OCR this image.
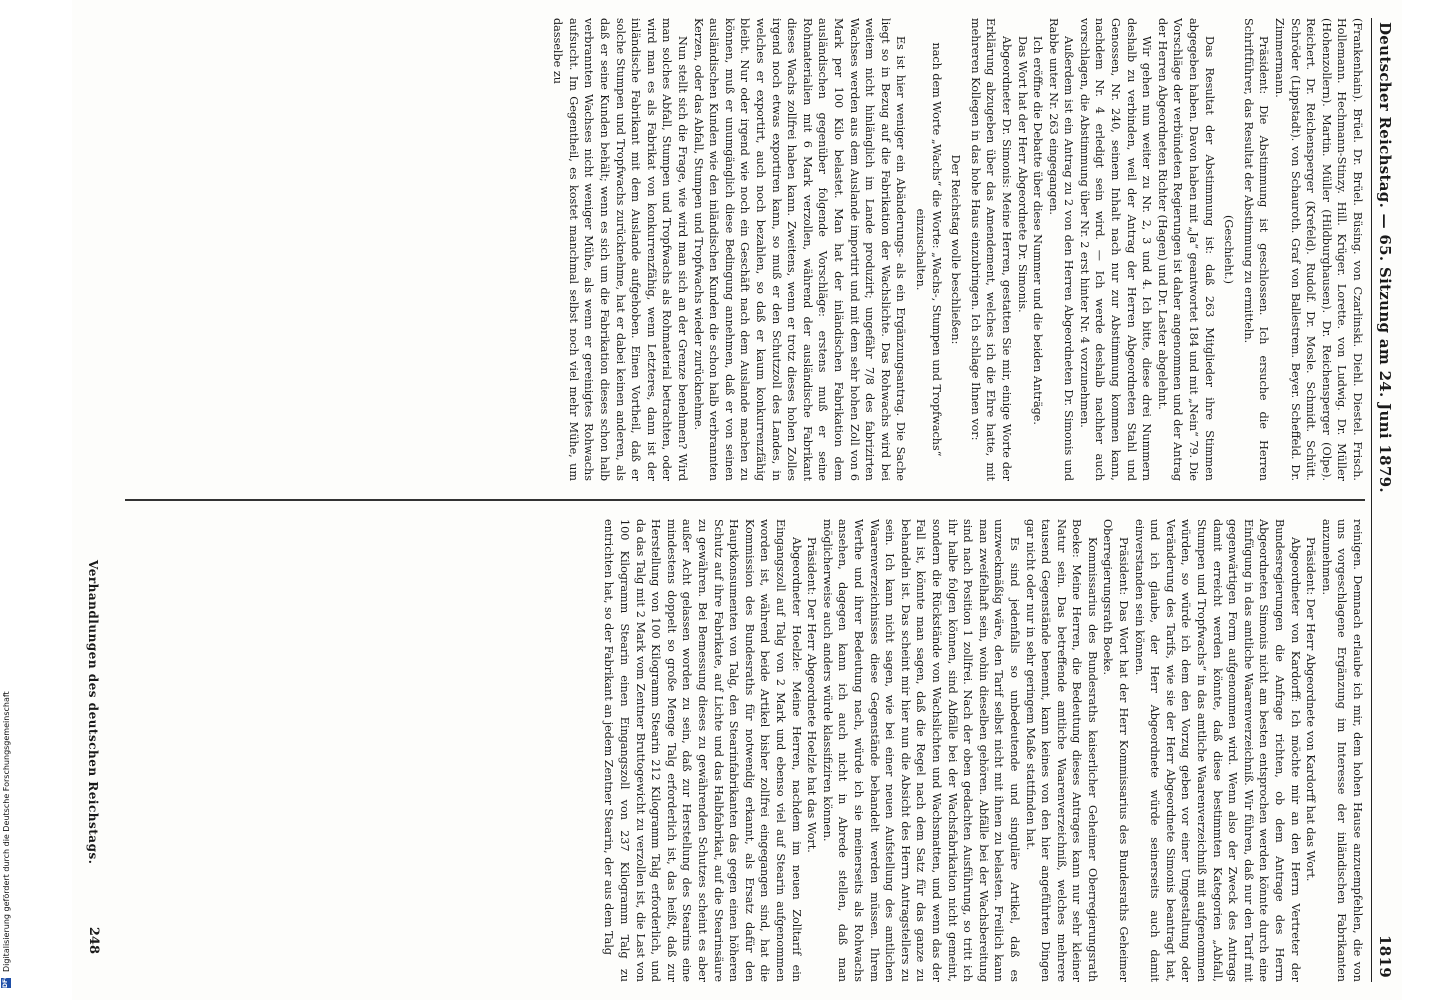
Deutscher Reichstag. — 65. Sitzung am 24. Juni 1879.
1819

(Frankenhain). Brüel. Dr. Brüel. Büsing. von Czarlinski. Diehl. Diestel. Frisch. Hollemann. Hechmann-Stinzy. Hill. Krüger. Lorette. von Ludwig. Dr. Müller (Hohenzollern). Martin. Müller (Hildburghausen). Dr. Reichensperger (Olpe). Reichert. Dr. Reichensperger (Krefeld). Rudolf. Dr. Mosle. Schmidt. Schütt. Schröder (Lippstadt). von Schauroth. Graf von Ballestrem. Beyer. Scheffeld. Dr. Zimmermann.

Präsident: Die Abstimmung ist geschlossen. Ich ersuche die Herren Schriftführer, das Resultat der Abstimmung zu ermitteln.

(Geschieht.)

Das Resultat der Abstimmung ist: daß 263 Mitglieder ihre Stimmen abgegeben haben. Davon haben mit „Ja“ geantwortet 184 und mit „Nein“ 79. Die Vorschläge der verbündeten Regierungen ist daher angenommen und der Antrag der Herren Abgeordneten Richter (Hagen) und Dr. Laster abgelehnt.

Wir gehen nun weiter zu Nr. 2, 3 und 4. Ich bitte, diese drei Nummern deshalb zu verbinden, weil der Antrag der Herren Abgeordneten Stahl und Genossen, Nr. 240, seinem Inhalt nach nur zur Abstimmung kommen kann, nachdem Nr. 4 erledigt sein wird. — Ich werde deshalb nachher auch vorschlagen, die Abstimmung über Nr. 2 erst hinter Nr. 4 vorzunehmen.

Außerdem ist ein Antrag zu 2 von den Herren Abgeordneten Dr. Simonis und Rabbe unter Nr. 263 eingegangen.

Ich eröffne die Debatte über diese Nummer und die beiden Anträge.

Das Wort hat der Herr Abgeordnete Dr. Simonis.

Abgeordneter Dr. Simonis: Meine Herren, gestatten Sie mir, einige Worte der Erklärung abzugeben über das Amendement, welches ich die Ehre hatte, mit mehreren Kollegen in das hohe Haus einzubringen. Ich schlage Ihnen vor:

Der Reichstag wolle beschließen:

nach dem Worte „Wachs“ die Worte: „Wachs-, Stumpen und Tropfwachs“ einzuschalten.

Es ist hier weniger ein Abänderungs- als ein Ergänzungsantrag. Die Sache liegt so in Bezug auf die Fabrikation der Wachslichte. Das Rohwachs wird bei weitem nicht hinlänglich im Lande produzirt; ungefähr 7/8 des fabrizirten Wachses werden aus dem Auslande importirt und mit dem sehr hohen Zoll von 6 Mark per 100 Kilo belastet. Man hat der inländischen Fabrikation dem ausländischen gegenüber folgende Vorschläge: erstens muß er seine Rohmaterialien mit 6 Mark verzollen, während der ausländische Fabrikant dieses Wachs zollfrei haben kann. Zweitens, wenn er trotz dieses hohen Zolles irgend noch etwas exportiren kann, so muß er den Schutzzoll des Landes, in welches er exportirt, auch noch bezahlen, so daß er kaum konkurrenzfähig bleibt. Nur oder irgend wie noch ein Geschäft nach dem Auslande machen zu können, muß er unumgänglich diese Bedingung annehmen, daß er von seinen ausländischen Kunden wie den inländischen Kunden die schon halb verbrannten Kerzen, oder das Abfall, Stumpen und Tropfwachs wieder zurücknehme.

Nun stellt sich die Frage, wie wird man sich an der Grenze benehmen? Wird man solches Abfall, Stumpen und Tropfwachs als Rohmaterial betrachten, oder wird man es als Fabrikat von konkurrenzfähig, wenn Letzteres, dann ist der inländische Fabrikant mit dem Auslande aufgehoben. Einen Vortheil, daß er solche Stumpen und Tropfwachs zurücknehme, hat er dabei keinen anderen, als daß er seine Kunden behält; wenn es sich um die Fabrikation dieses schon halb verbrannten Wachses nicht weniger Mühe, als wenn er gereinigtes Rohwachs aufsucht. Im Gegentheil, es kostet manchmal selbst noch viel mehr Mühe, um dasselbe zu

reinigen. Demnach erlaube ich mir, dem hohen Hause anzuempfehlen, die von uns vorgeschlagene Ergänzung im Interesse der inländischen Fabrikanten anzunehmen.

Präsident: Der Herr Abgeordnete von Kardorff hat das Wort.

Abgeordneter von Kardorff: Ich möchte mir an den Herrn Vertreter der Bundesregierungen die Anfrage richten, ob dem Antrage des Herrn Abgeordneten Simonis nicht am besten entsprochen werden könnte durch eine Einfügung in das amtliche Waarenverzeichniß. Wir führen, daß nur den Tarif mit gegenwärtigen Form aufgenommen wird. Wenn also der Zweck des Antrags damit erreicht werden könnte, daß diese bestimmten Kategorien „Abfall, Stumpen und Tropfwachs“ in das amtliche Waarenverzeichniß mit aufgenommen würden, so würde ich dem den Vorzug geben vor einer Umgestaltung oder Veränderung des Tarifs, wie sie der Herr Abgeordnete Simonis beantragt hat, und ich glaube, der Herr Abgeordnete würde seinerseits auch damit einverstanden sein können.

Präsident: Das Wort hat der Herr Kommissarius des Bundesraths Geheimer Oberregierungsrath Boeke.

Kommissarius des Bundesraths kaiserlicher Geheimer Oberregierungsrath Boeke: Meine Herren, die Bedeutung dieses Antrages kann nur sehr kleiner Natur sein. Das betreffende amtliche Waarenverzeichniß, welches mehrere tausend Gegenstände benennt, kann keines von den hier angeführten Dingen gar nicht oder nur in sehr geringem Maße stattfinden hat.

Es sind jedenfalls so unbedeutende und singuläre Artikel, daß es unzweckmäßig wäre, den Tarif selbst nicht mit ihnen zu belasten. Freilich kann man zweifelhaft sein, wohin dieselben gehören. Abfälle bei der Wachsbereitung sind nach Position 1 zollfrei. Nach der oben gedachten Ausführung, so tritt ich ihr halbe folgen können, sind Abfälle bei der Wachsfabrikation nicht gemeint, sondern die Rückstände von Wachslichten und Wachsmatten, und wenn das der Fall ist, könnte man sagen, daß die Regel nach dem Satz für das ganze zu behandeln ist. Das scheint mir hier nun die Absicht des Herrn Antragstellers zu sein. Ich kann nicht sagen, wie bei einer neuen Aufstellung des amtlichen Waarenverzeichnisses diese Gegenstände behandelt werden müssen. Ihrem Werthe und ihrer Bedeutung nach, würde ich sie meinerseits als Rohwachs ansehen, dagegen kann ich auch nicht in Abrede stellen, daß man möglicherweise auch anders würde klassifiziren können.

Präsident: Der Herr Abgeordnete Hoelzle hat das Wort.

Abgeordneter Hoelzle: Meine Herren, nachdem im neuen Zolltarif ein Eingangszoll auf Talg von 2 Mark und ebenso viel auf Stearin aufgenommen worden ist, während beide Artikel bisher zollfrei eingegangen sind, hat die Kommission des Bundesraths für notwendig erkannt, als Ersatz dafür den Hauptkonsumenten von Talg, den Stearinfabrikanten das gegen einen höheren Schutz auf ihre Fabrikate, auf Lichte und das Halbfabrikat, auf die Stearinsäure zu gewähren. Bei Bemessung dieses zu gewährenden Schutzes scheint es aber außer Acht gelassen worden zu sein, daß zur Herstellung des Stearins eine mindestens doppelt so große Menge Talg erforderlich ist, das heißt, daß zur Herstellung von 100 Kilogramm Stearin 212 Kilogramm Talg erforderlich, und da das Talg mit 2 Mark vom Zentner Bruttogewicht zu verzollen ist, die Last von 100 Kilogramm Stearin einen Eingangszoll von 237 Kilogramm Talg zu entrichten hat, so der Fabrikant an jedem Zentner Stearin, der aus dem Talg

Verhandlungen des deutschen Reichstags.
248
DFG
Digitalisierung gefördert durch die Deutsche Forschungsgemeinschaft
